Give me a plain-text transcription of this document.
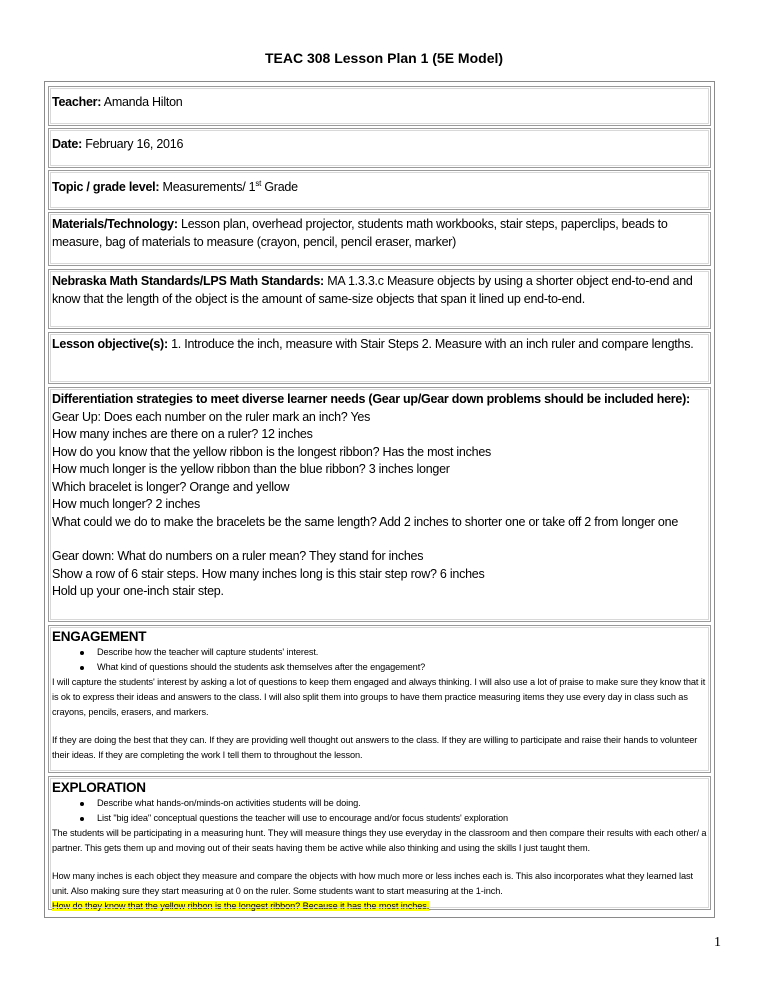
TEAC 308 Lesson Plan 1 (5E Model)
Teacher: Amanda Hilton
Date: February 16, 2016
Topic / grade level: Measurements/ 1st Grade
Materials/Technology: Lesson plan, overhead projector, students math workbooks, stair steps, paperclips, beads to measure, bag of materials to measure (crayon, pencil, pencil eraser, marker)
Nebraska Math Standards/LPS Math Standards: MA 1.3.3.c Measure objects by using a shorter object end-to-end and know that the length of the object is the amount of same-size objects that span it lined up end-to-end.
Lesson objective(s): 1. Introduce the inch, measure with Stair Steps 2. Measure with an inch ruler and compare lengths.
Differentiation strategies to meet diverse learner needs (Gear up/Gear down problems should be included here):
Gear Up: Does each number on the ruler mark an inch? Yes
How many inches are there on a ruler? 12 inches
How do you know that the yellow ribbon is the longest ribbon? Has the most inches
How much longer is the yellow ribbon than the blue ribbon? 3 inches longer
Which bracelet is longer? Orange and yellow
How much longer? 2 inches
What could we do to make the bracelets be the same length? Add 2 inches to shorter one or take off 2 from longer one
Gear down: What do numbers on a ruler mean? They stand for inches
Show a row of 6 stair steps. How many inches long is this stair step row? 6 inches
Hold up your one-inch stair step.
ENGAGEMENT
Describe how the teacher will capture students' interest.
What kind of questions should the students ask themselves after the engagement?
I will capture the students' interest by asking a lot of questions to keep them engaged and always thinking. I will also use a lot of praise to make sure they know that it is ok to express their ideas and answers to the class. I will also split them into groups to have them practice measuring items they use every day in class such as crayons, pencils, erasers, and markers.
If they are doing the best that they can. If they are providing well thought out answers to the class. If they are willing to participate and raise their hands to volunteer their ideas. If they are completing the work I tell them to throughout the lesson.
EXPLORATION
Describe what hands-on/minds-on activities students will be doing.
List "big idea" conceptual questions the teacher will use to encourage and/or focus students' exploration
The students will be participating in a measuring hunt. They will measure things they use everyday in the classroom and then compare their results with each other/ a partner. This gets them up and moving out of their seats having them be active while also thinking and using the skills I just taught them.
How many inches is each object they measure and compare the objects with how much more or less inches each is. This also incorporates what they learned last unit. Also making sure they start measuring at 0 on the ruler. Some students want to start measuring at the 1-inch.
How do they know that the yellow ribbon is the longest ribbon? Because it has the most inches.
1
